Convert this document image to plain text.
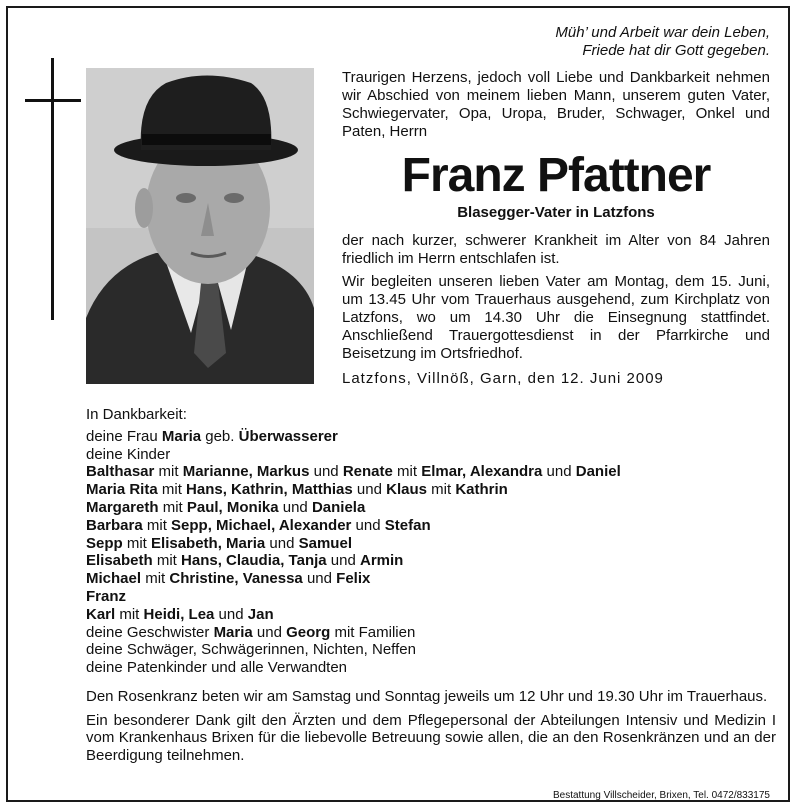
Müh’ und Arbeit war dein Leben,
Friede hat dir Gott gegeben.

Traurigen Herzens, jedoch voll Liebe und Dankbarkeit nehmen wir Abschied von meinem lieben Mann, unserem guten Vater, Schwiegervater, Opa, Uropa, Bruder, Schwager, Onkel und Paten, Herrn

Franz Pfattner
Blasegger-Vater in Latzfons

der nach kurzer, schwerer Krankheit im Alter von 84 Jahren friedlich im Herrn entschlafen ist.

Wir begleiten unseren lieben Vater am Montag, dem 15. Juni, um 13.45 Uhr vom Trauerhaus ausgehend, zum Kirchplatz von Latzfons, wo um 14.30 Uhr die Einsegnung stattfindet. Anschließend Trauergottesdienst in der Pfarrkirche und Beisetzung im Ortsfriedhof.

Latzfons, Villnöß, Garn, den 12. Juni 2009
In Dankbarkeit:
deine Frau Maria geb. Überwasserer
deine Kinder
Balthasar mit Marianne, Markus und Renate mit Elmar, Alexandra und Daniel
Maria Rita mit Hans, Kathrin, Matthias und Klaus mit Kathrin
Margareth mit Paul, Monika und Daniela
Barbara mit Sepp, Michael, Alexander und Stefan
Sepp mit Elisabeth, Maria und Samuel
Elisabeth mit Hans, Claudia, Tanja und Armin
Michael mit Christine, Vanessa und Felix
Franz
Karl mit Heidi, Lea und Jan
deine Geschwister Maria und Georg mit Familien
deine Schwäger, Schwägerinnen, Nichten, Neffen
deine Patenkinder und alle Verwandten

Den Rosenkranz beten wir am Samstag und Sonntag jeweils um 12 Uhr und 19.30 Uhr im Trauerhaus.

Ein besonderer Dank gilt den Ärzten und dem Pflegepersonal der Abteilungen Intensiv und Medizin I vom Krankenhaus Brixen für die liebevolle Betreuung sowie allen, die an den Rosenkränzen und an der Beerdigung teilnehmen.

Bestattung Villscheider, Brixen, Tel. 0472/833175
